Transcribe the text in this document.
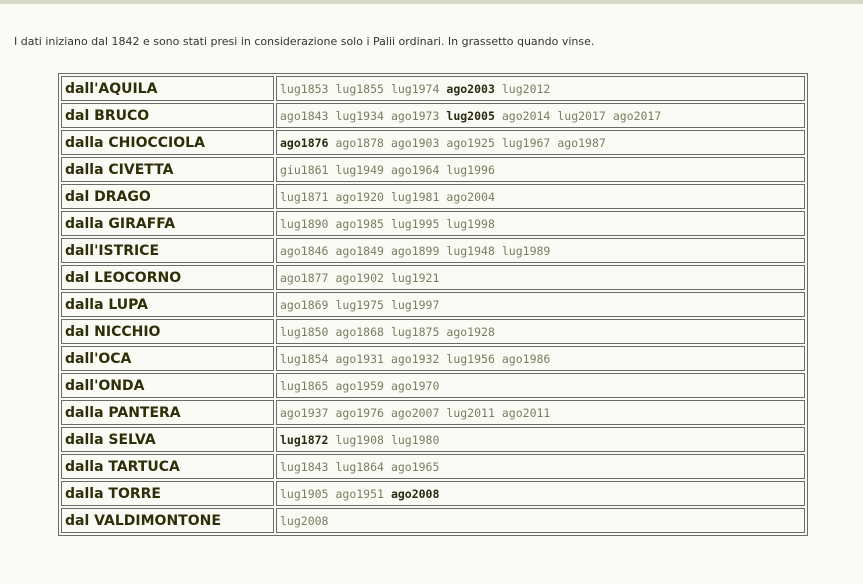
I dati iniziano dal 1842 e sono stati presi in considerazione solo i Palii ordinari. In grassetto quando vinse.

dall'AQUILA	lug1853 lug1855 lug1974 ago2003 lug2012
dal BRUCO	ago1843 lug1934 ago1973 lug2005 ago2014 lug2017 ago2017
dalla CHIOCCIOLA	ago1876 ago1878 ago1903 ago1925 lug1967 ago1987
dalla CIVETTA	giu1861 lug1949 ago1964 lug1996
dal DRAGO	lug1871 ago1920 lug1981 ago2004
dalla GIRAFFA	lug1890 ago1985 lug1995 lug1998
dall'ISTRICE	ago1846 ago1849 ago1899 lug1948 lug1989
dal LEOCORNO	ago1877 ago1902 lug1921
dalla LUPA	ago1869 lug1975 lug1997
dal NICCHIO	lug1850 ago1868 lug1875 ago1928
dall'OCA	lug1854 ago1931 ago1932 lug1956 ago1986
dall'ONDA	lug1865 ago1959 ago1970
dalla PANTERA	ago1937 ago1976 ago2007 lug2011 ago2011
dalla SELVA	lug1872 lug1908 lug1980
dalla TARTUCA	lug1843 lug1864 ago1965
dalla TORRE	lug1905 ago1951 ago2008
dal VALDIMONTONE	lug2008
